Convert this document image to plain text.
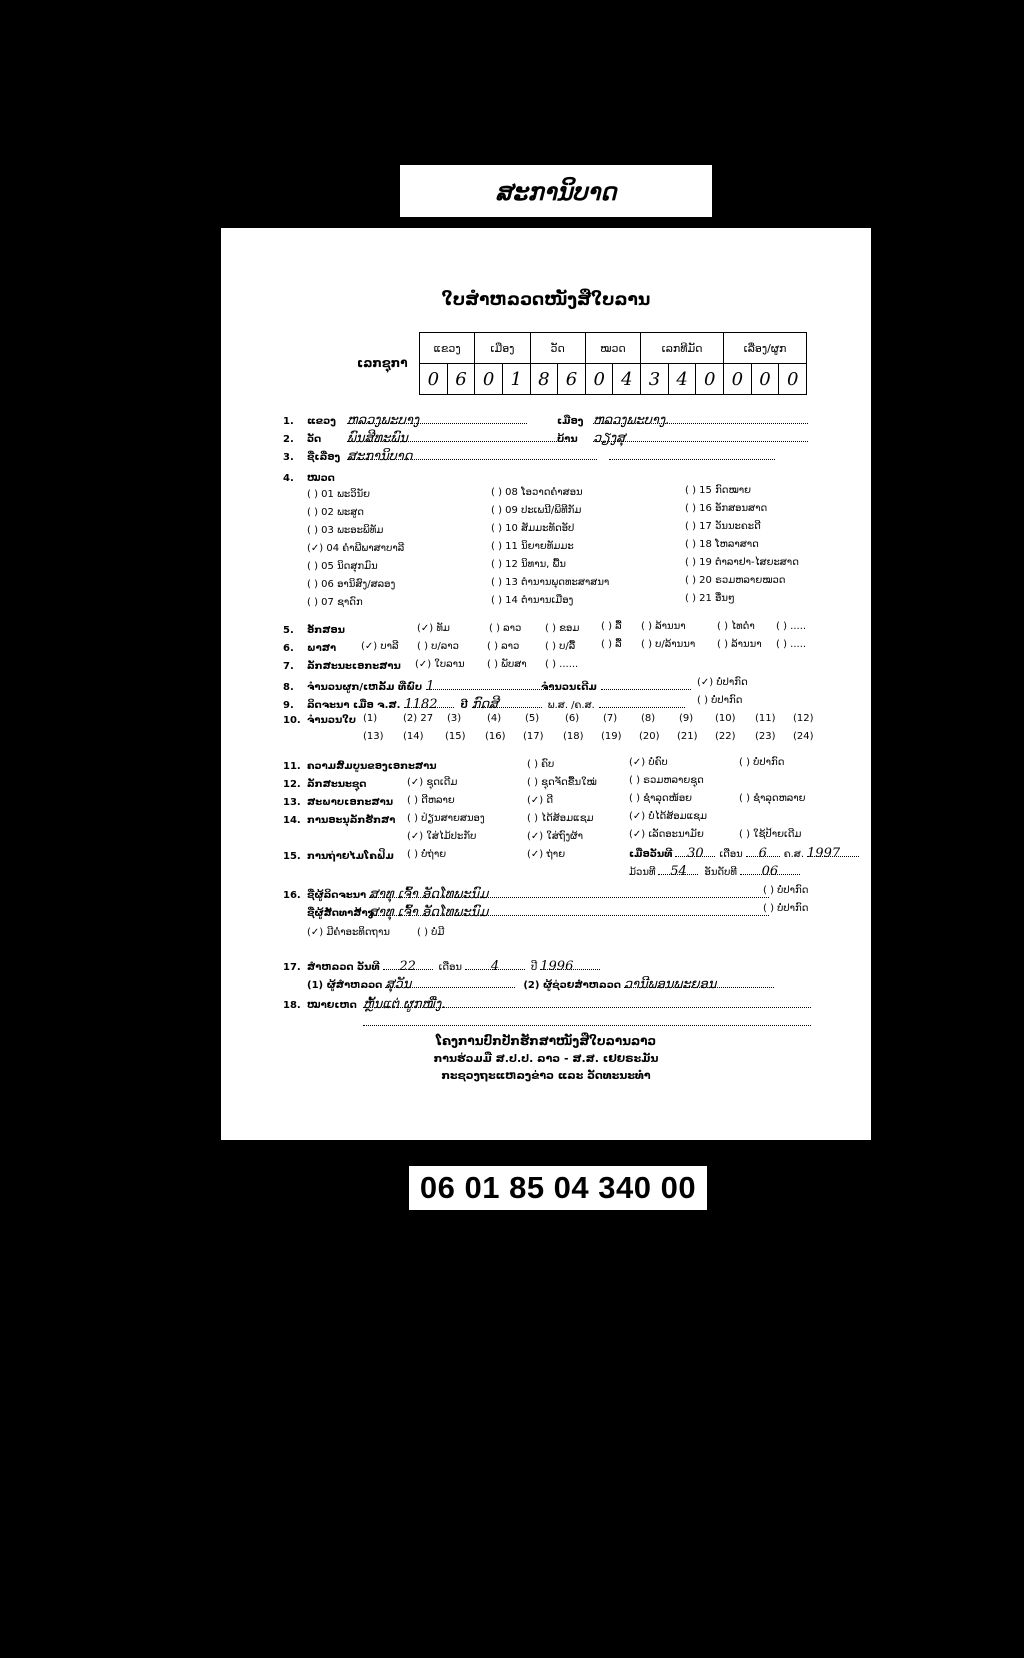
ສະການິບາດ
ໃບສຳຫລວດໜັງສືໃບລານ
ເລກຊຸກາ
ແຂວງ		ເມືອງ		ວັດ		ໝວດ		ເລກທີມັດ			ເລື່ອງ/ຜູກ		
0	6	0	1	8	6	0	4	3	4	0	0	0	0
1. ແຂວງ ຫລວງພະບາງ	ເມືອງ ຫລວງພະບາງ.
2. ວັດ ພົນສີທະພົນ	ບ້ານ ວຽງສຸ
3. ຊື່ເລື່ອງ ສະການິບາດ
4. ໝວດ
( ) 01 ພະວິນັຍ
( ) 02 ພະສູດ
( ) 03 ພະອະພິທັມ
(✓) 04 ຄຳພີພາສາບາລີ
( ) 05 ນິດສຸກມົນ
( ) 06 ອານິສົງ/ສລອງ
( ) 07 ຊາດົກ
( ) 08 ໂອວາດຄຳສອນ
( ) 09 ປະເພນີ/ພິທີກັມ
( ) 10 ສັມມະທັດອັປ
( ) 11 ນິຍາຍທັມມະ
( ) 12 ນິທານ, ພື້ນ
( ) 13 ຕຳນານພຸດທະສາສນາ
( ) 14 ຕຳນານເມືອງ
( ) 15 ກົດໝາຍ
( ) 16 ອັກສອນສາດ
( ) 17 ວັນນະຄະດີ
( ) 18 ໂຫລາສາດ
( ) 19 ຕຳລາຢາ-ໄສຍະສາດ
( ) 20 ຣວມຫລາຍໝວດ
( ) 21 ອື່ນໆ
5. ອັກສອນ	(✓) ທັມ	( ) ລາວ ( ) ຂອມ ( ) ລື້ ( ) ລ້ານນາ	( ) ໄທດຳ ( ) .....
6. ພາສາ	(✓) ບາລີ ( ) ບ/ລາວ	( ) ລາວ	( ) ບ/ລື້	( ) ລື້ ( ) ບ/ລ້ານນາ ( ) ລ້ານນາ ( ) .....
7. ລັກສະນະເອກະສານ	(✓) ໃບລານ ( ) ພັບສາ ( ) ......
8. ຈຳນວນຜູກ/ເຫລັ້ມ ທີ່ພົບ 1	ຈຳນວນເດີມ	(✓) ບໍ່ປາກົດ
9. ລິດຈະນາ ເມື່ອ ຈ.ສ. 1182 ປີ ກົດສີ	ພ.ສ. /ຄ.ສ.	( ) ບໍ່ປາກົດ
10. ຈຳນວນໃບ (1)	(2) 27 (3)	(4) (5)	(6) (7) (8) (9) (10) (11) (12)
(13) (14) (15) (16) (17) (18) (19) (20) (21) (22) (23) (24)
11. ຄວາມສົມບູນຂອງເອກະສານ	( ) ຄົບ	(✓) ບໍ່ຄົບ	( ) ບໍ່ປາກົດ
12. ລັກສະນະຊຸດ	(✓) ຊຸດເດີມ	( ) ຊຸດຈັດຂື້ນໃໝ່	( ) ຣວມຫລາຍຊຸດ
13. ສະພາບເອກະສານ ( ) ດີຫລາຍ	(✓) ດີ	( ) ຊຳລຸດໜ້ອຍ	( ) ຊຳລຸດຫລາຍ
14. ການອະນຸລັກຮັກສາ ( ) ປ່ຽນສາຍສນອງ	( ) ໄດ້ສ້ອມແຊມ	(✓) ບໍ່ໄດ້ສ້ອມແຊມ
(✓) ໃສ່ໄມ້ປະກັບ	(✓) ໃສ່ຖົງຜ້າ	(✓) ເລັດອະນາມັຍ	( ) ໃຊ້ປ້າຍເດີມ
15. ການຖ່າຍໄມໂຄຟິມ ( ) ບໍ່ຖ່າຍ	(✓) ຖ່າຍ	ເມື່ອວັນທີ 30 ເດືອນ 6 ຄ.ສ. 1997
ມ້ວນທີ 54 ອັນດັບທີ 06
16. ຊື່ຜູ້ລິດຈະນາ ສາທຸ ເຈົ້າ ອັດໂທພະນົມ	( ) ບໍ່ປາກົດ
ຊື່ຜູ້ສັດທາສ້າງສາທຸ ເຈົ້າ ອັດໂທພະນົມ	( ) ບໍ່ປາກົດ
(✓) ມີຄຳອະທິດຖານ	( ) ບໍ່ມີ
17. ສຳຫລວດ ວັນທີ 22 ເດືອນ 4	ປີ 1996
(1) ຜູ້ສຳຫລວດ ສຸວັນ	(2) ຜູ້ຊ່ວຍສຳຫລວດ ວານີພອນພະຍອນ
18. ໝາຍເຫດ ຫຼັ້ນແຕ່ ຜູກໜື່ງ.
ໂຄງການປົກປັກຮັກສາໜັງສືໃບລານລາວ
ການຮ່ວມມື ສ.ປ.ປ. ລາວ - ສ.ສ. ເຢຍຣະມັນ
ກະຊວງຖະແຫລງຂ່າວ ແລະ ວັດທະນະທຳ
06 01 85 04 340 00
